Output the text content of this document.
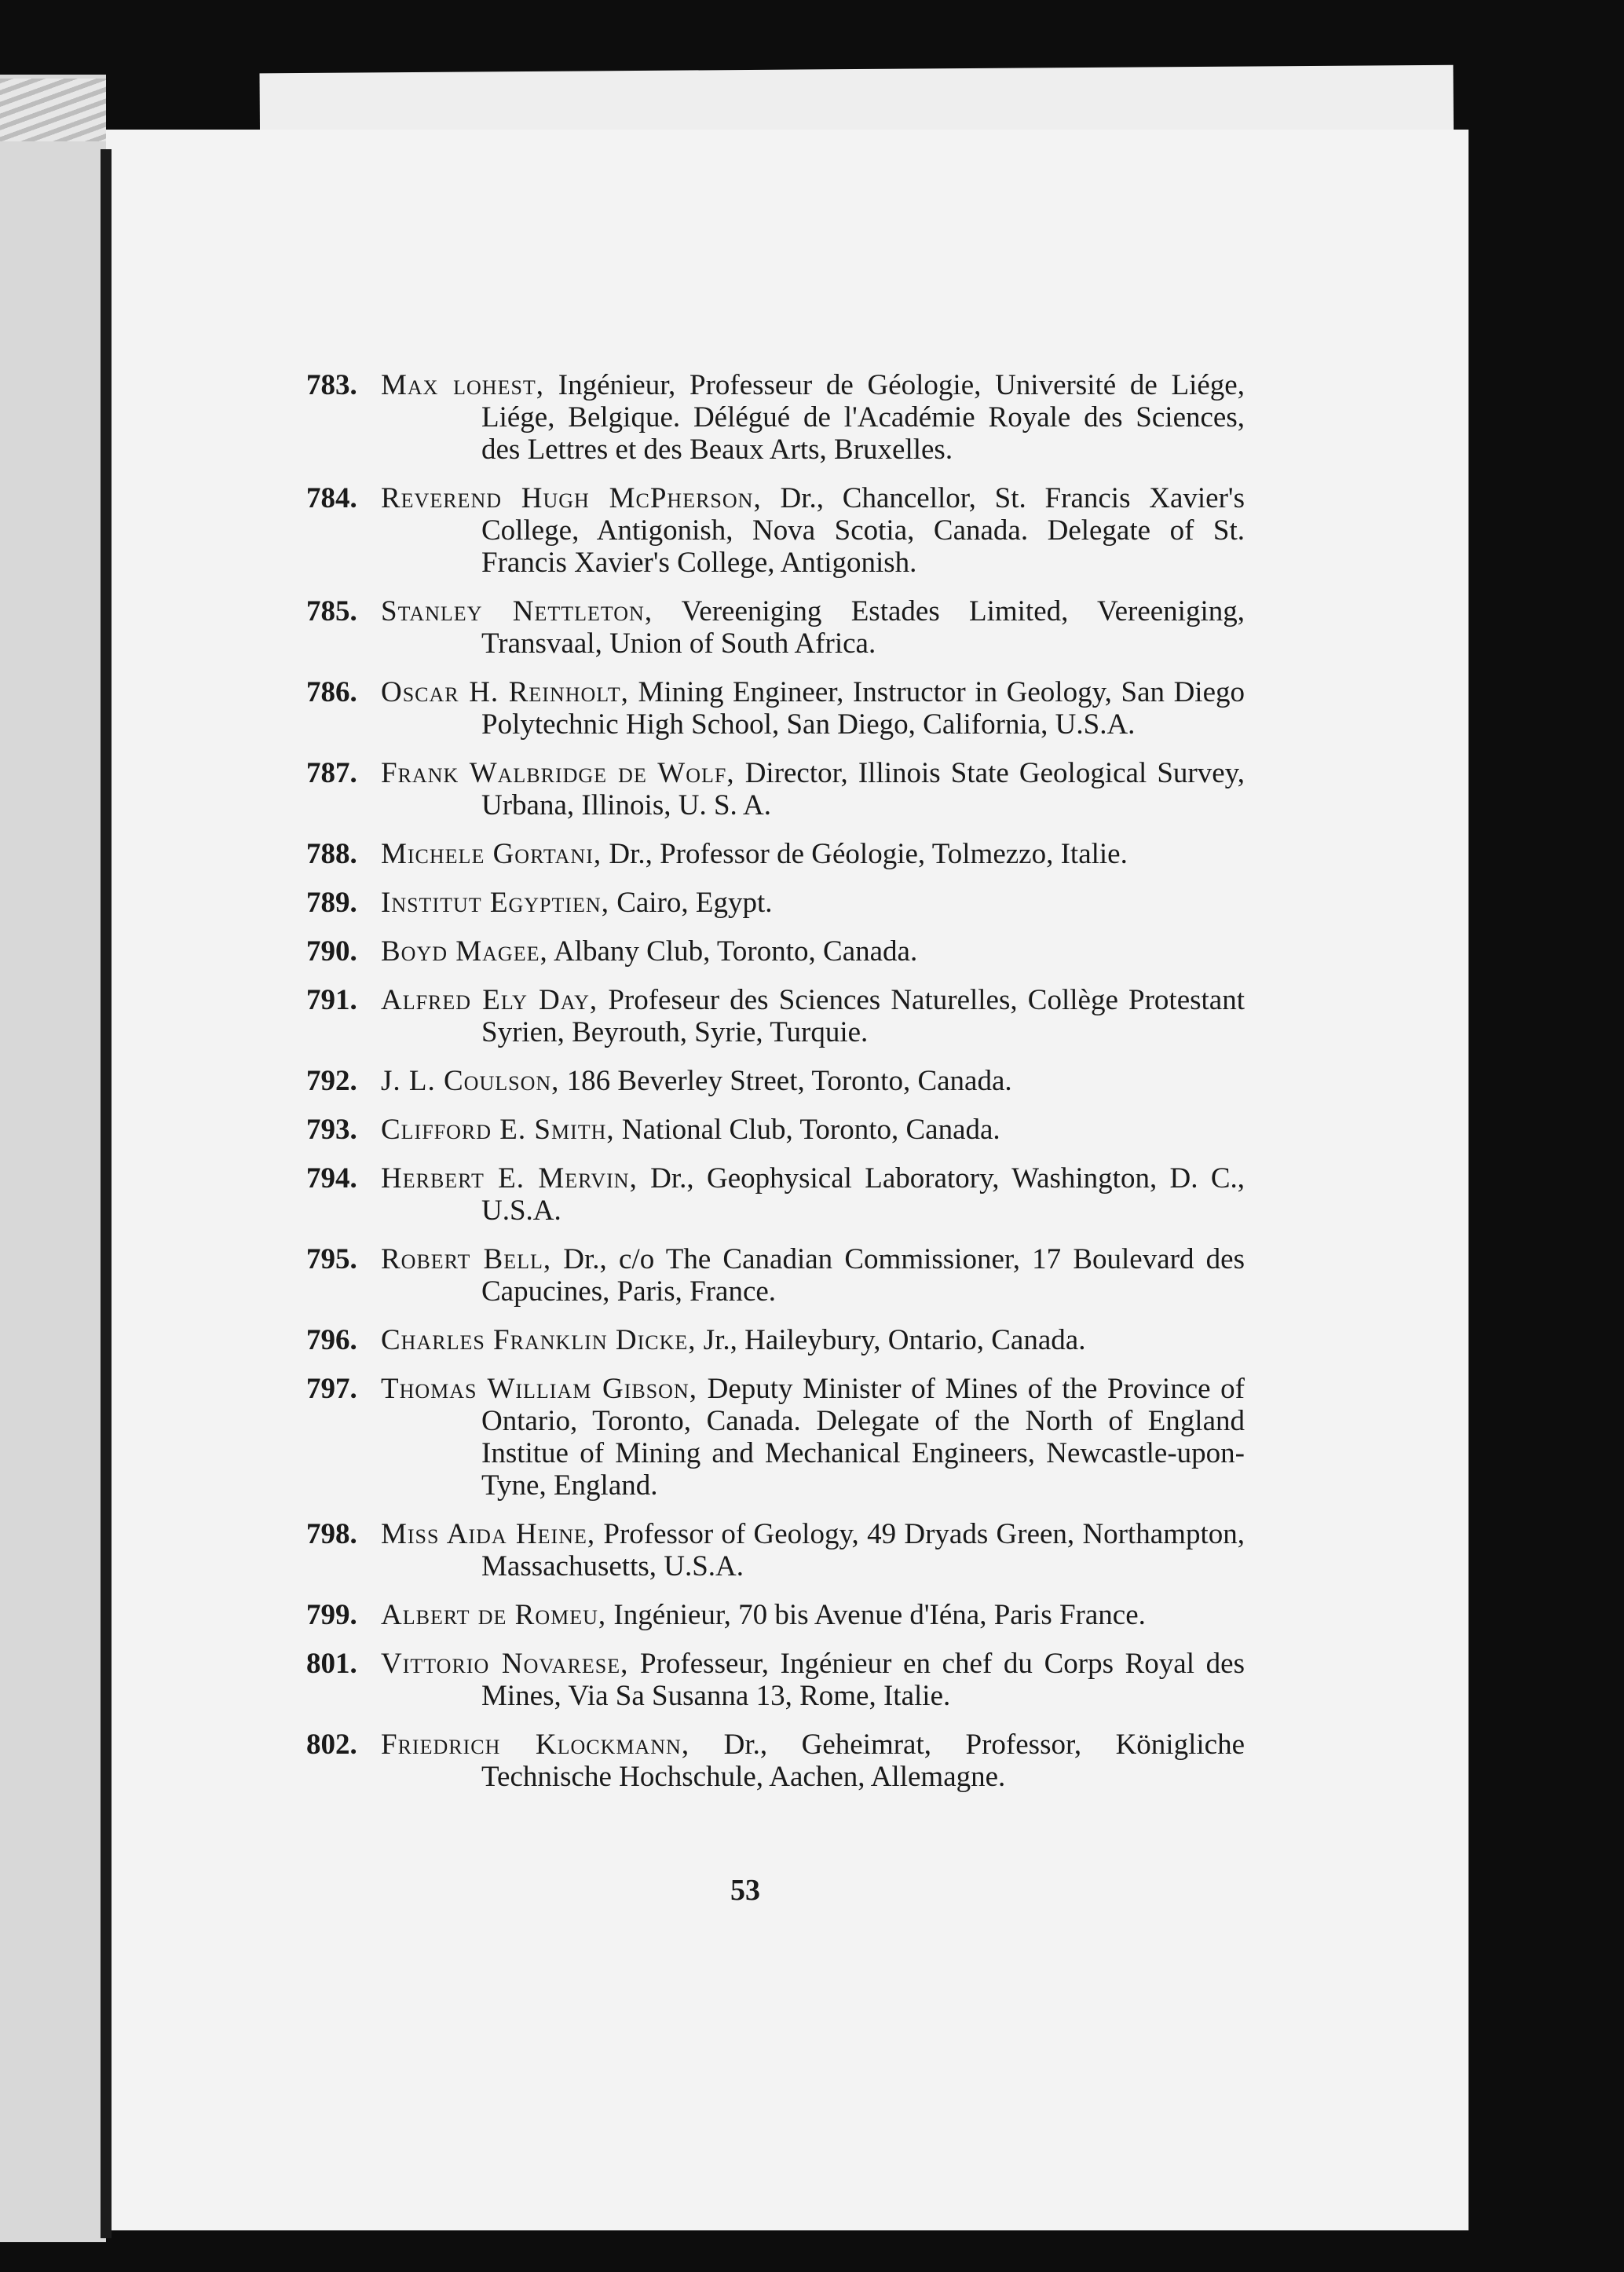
783. Max lohest, Ingénieur, Professeur de Géologie, Université de Liége, Liége, Belgique. Délégué de l'Académie Royale des Sciences, des Lettres et des Beaux Arts, Bruxelles.
784. Reverend Hugh McPherson, Dr., Chancellor, St. Francis Xavier's College, Antigonish, Nova Scotia, Canada. Delegate of St. Francis Xavier's College, Antigonish.
785. Stanley Nettleton, Vereeniging Estades Limited, Vereeniging, Transvaal, Union of South Africa.
786. Oscar H. Reinholt, Mining Engineer, Instructor in Geology, San Diego Polytechnic High School, San Diego, California, U.S.A.
787. Frank Walbridge de Wolf, Director, Illinois State Geological Survey, Urbana, Illinois, U. S. A.
788. Michele Gortani, Dr., Professor de Géologie, Tolmezzo, Italie.
789. Institut Egyptien, Cairo, Egypt.
790. Boyd Magee, Albany Club, Toronto, Canada.
791. Alfred Ely Day, Profeseur des Sciences Naturelles, Collège Protestant Syrien, Beyrouth, Syrie, Turquie.
792. J. L. Coulson, 186 Beverley Street, Toronto, Canada.
793. Clifford E. Smith, National Club, Toronto, Canada.
794. Herbert E. Mervin, Dr., Geophysical Laboratory, Washington, D. C., U.S.A.
795. Robert Bell, Dr., c/o The Canadian Commissioner, 17 Boulevard des Capucines, Paris, France.
796. Charles Franklin Dicke, Jr., Haileybury, Ontario, Canada.
797. Thomas William Gibson, Deputy Minister of Mines of the Province of Ontario, Toronto, Canada. Delegate of the North of England Institue of Mining and Mechanical Engineers, Newcastle-upon-Tyne, England.
798. Miss Aida Heine, Professor of Geology, 49 Dryads Green, Northampton, Massachusetts, U.S.A.
799. Albert de Romeu, Ingénieur, 70 bis Avenue d'Iéna, Paris France.
801. Vittorio Novarese, Professeur, Ingénieur en chef du Corps Royal des Mines, Via Sa Susanna 13, Rome, Italie.
802. Friedrich Klockmann, Dr., Geheimrat, Professor, Königliche Technische Hochschule, Aachen, Allemagne.
53
